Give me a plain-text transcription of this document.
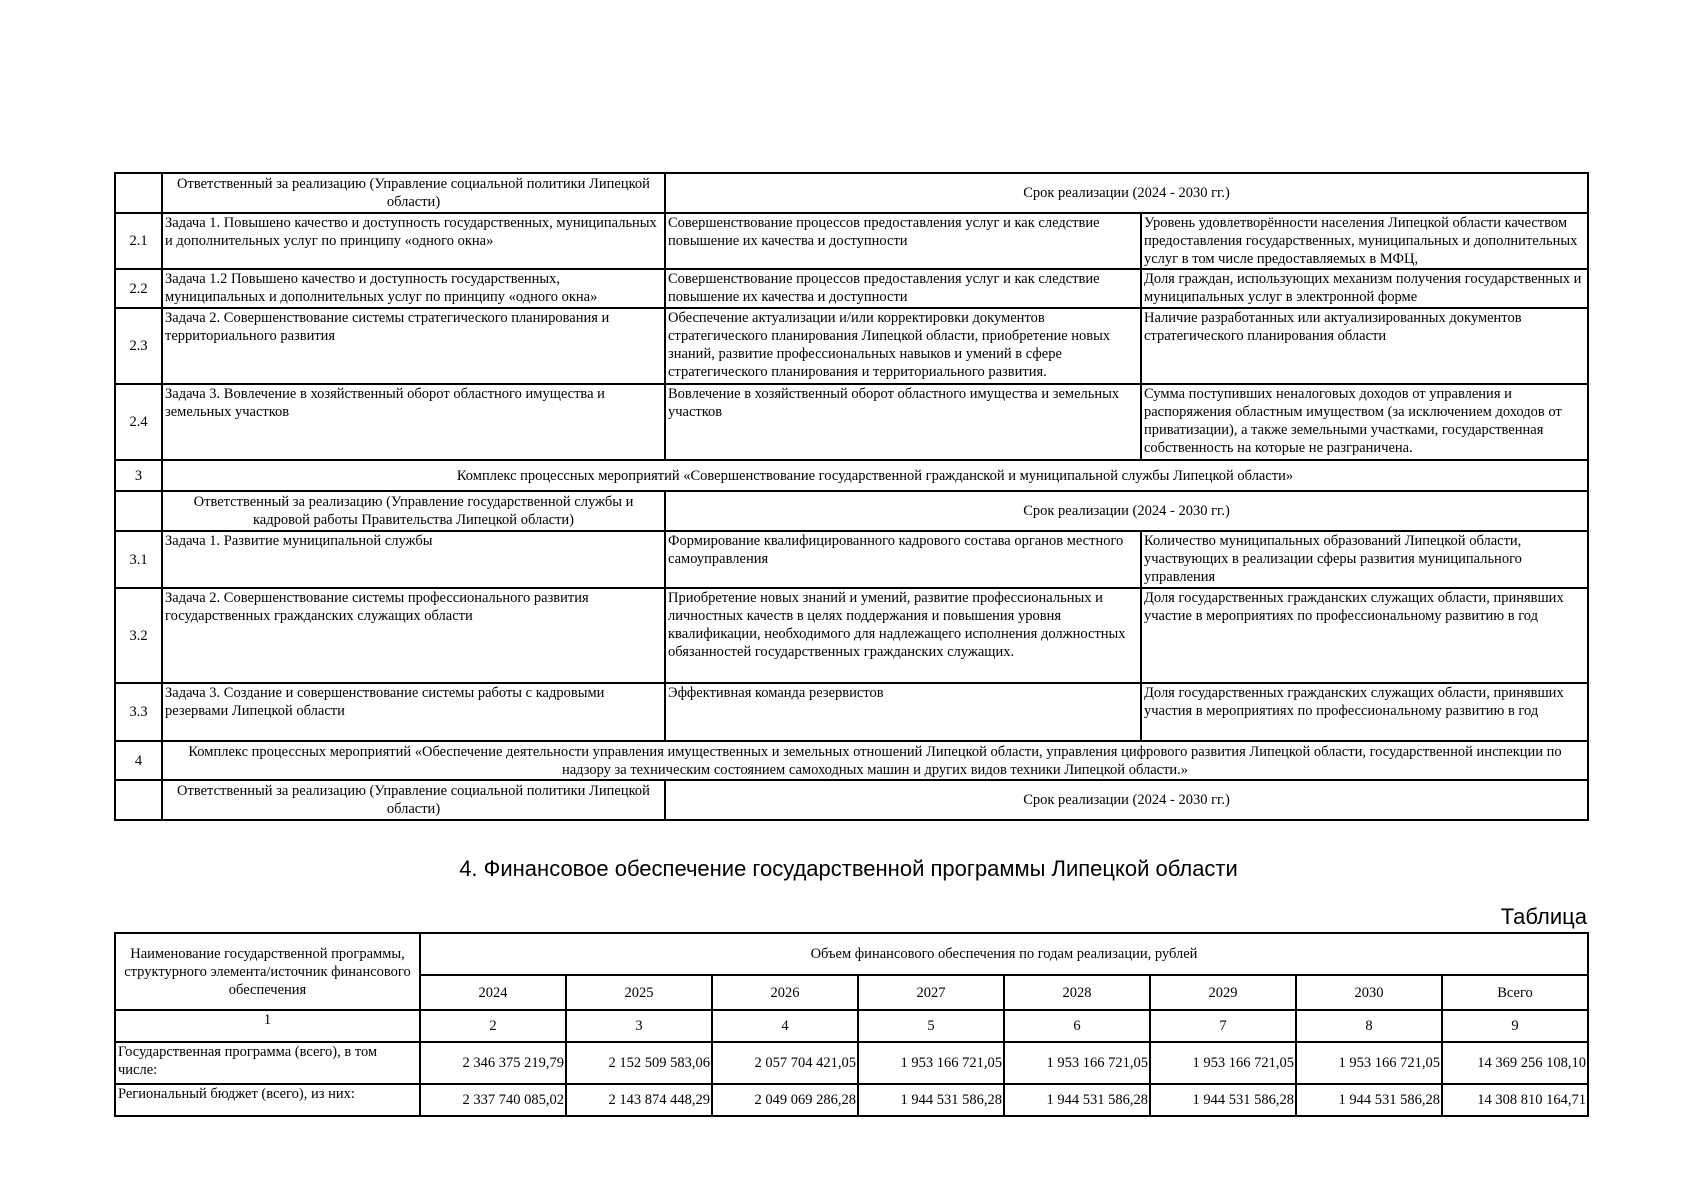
	Ответственный за реализацию (Управление социальной политики Липецкой области)	Срок реализации (2024 - 2030 гг.)	
2.1	Задача 1. Повышено качество и доступность государственных, муниципальных и дополнительных услуг по принципу «одного окна»	Совершенствование процессов предоставления услуг и как следствие повышение их качества и доступности	Уровень удовлетворённости населения Липецкой области качеством предоставления государственных, муниципальных и дополнительных услуг в том числе предоставляемых в МФЦ,
2.2	Задача 1.2 Повышено качество и доступность государственных, муниципальных и дополнительных услуг по принципу «одного окна»	Совершенствование процессов предоставления услуг и как следствие повышение их качества и доступности	Доля граждан, использующих механизм получения государственных и муниципальных услуг в электронной форме
2.3	Задача 2. Совершенствование системы стратегического планирования и территориального развития	Обеспечение актуализации и/или корректировки документов стратегического планирования Липецкой области, приобретение новых знаний, развитие профессиональных навыков и умений в сфере стратегического планирования и территориального развития.	Наличие разработанных или актуализированных документов стратегического планирования области
2.4	Задача 3. Вовлечение в хозяйственный оборот областного имущества и земельных участков	Вовлечение в хозяйственный оборот областного имущества и земельных участков	Сумма поступивших неналоговых доходов от управления и распоряжения областным имуществом (за исключением доходов от приватизации), а также земельными участками, государственная собственность на которые не разграничена.
3	Комплекс процессных мероприятий «Совершенствование государственной гражданской и муниципальной службы Липецкой области»		
	Ответственный за реализацию (Управление государственной службы и кадровой работы Правительства Липецкой области)	Срок реализации (2024 - 2030 гг.)	
3.1	Задача 1. Развитие муниципальной службы	Формирование квалифицированного кадрового состава органов местного самоуправления	Количество муниципальных образований Липецкой области, участвующих в реализации сферы развития муниципального управления
3.2	Задача 2. Совершенствование системы профессионального развития государственных гражданских служащих области	Приобретение новых знаний и умений, развитие профессиональных и личностных качеств в целях поддержания и повышения уровня квалификации, необходимого для надлежащего исполнения должностных обязанностей государственных гражданских служащих.	Доля государственных гражданских служащих области, принявших участие в мероприятиях по профессиональному развитию в год
3.3	Задача 3. Создание и совершенствование системы работы с кадровыми резервами Липецкой области	Эффективная команда резервистов	Доля государственных гражданских служащих области, принявших участия в мероприятиях по профессиональному развитию в год
4	Комплекс процессных мероприятий «Обеспечение деятельности управления имущественных и земельных отношений Липецкой области, управления цифрового развития Липецкой области, государственной инспекции по надзору за техническим состоянием самоходных машин и других видов техники Липецкой области.»		
	Ответственный за реализацию (Управление социальной политики Липецкой области)	Срок реализации (2024 - 2030 гг.)	
4. Финансовое обеспечение государственной программы Липецкой области
Таблица
Наименование государственной программы, структурного элемента/источник финансового обеспечения	Объем финансового обеспечения по годам реализации, рублей							
	2024	2025	2026	2027	2028	2029	2030	Всего
1	2	3	4	5	6	7	8	9
Государственная программа (всего), в том числе:	2 346 375 219,79	2 152 509 583,06	2 057 704 421,05	1 953 166 721,05	1 953 166 721,05	1 953 166 721,05	1 953 166 721,05	14 369 256 108,10
Региональный бюджет (всего), из них:	2 337 740 085,02	2 143 874 448,29	2 049 069 286,28	1 944 531 586,28	1 944 531 586,28	1 944 531 586,28	1 944 531 586,28	14 308 810 164,71
